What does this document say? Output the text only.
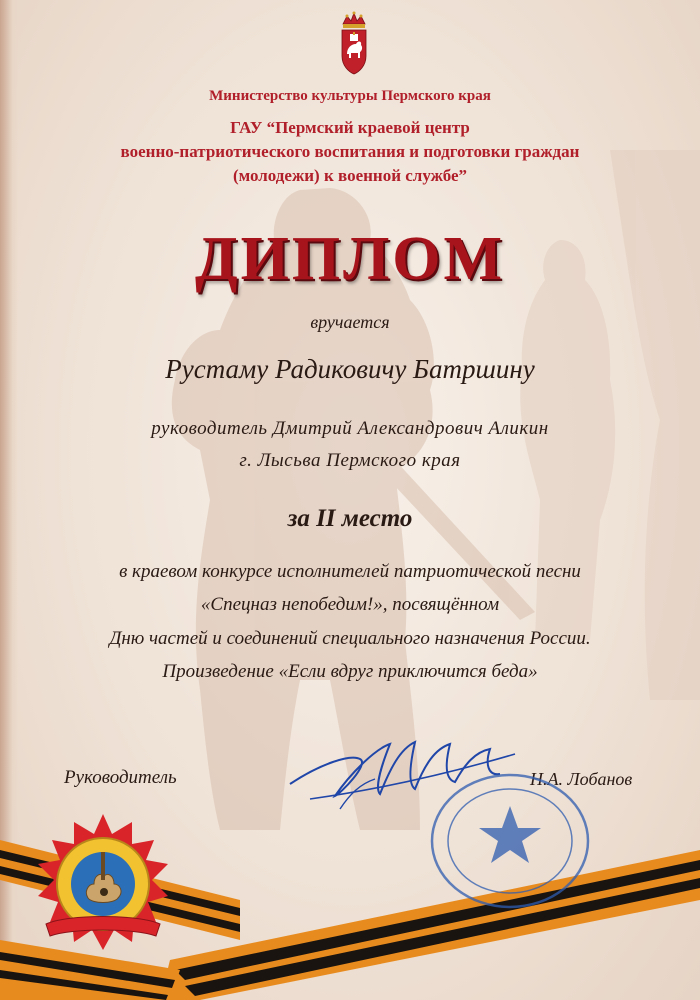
Министерство культуры Пермского края
ГАУ “Пермский краевой центр
военно-патриотического воспитания и подготовки граждан
(молодежи) к военной службе”
ДИПЛОМ
вручается
Рустаму Радиковичу Батршину
руководитель Дмитрий Александрович Аликин
г. Лысьва Пермского края
за II место
в краевом конкурсе исполнителей патриотической песни
«Спецназ непобедим!», посвящённом
Дню частей и соединений специального назначения России.
Произведение «Если вдруг приключится беда»
Руководитель	Н.А. Лобанов
